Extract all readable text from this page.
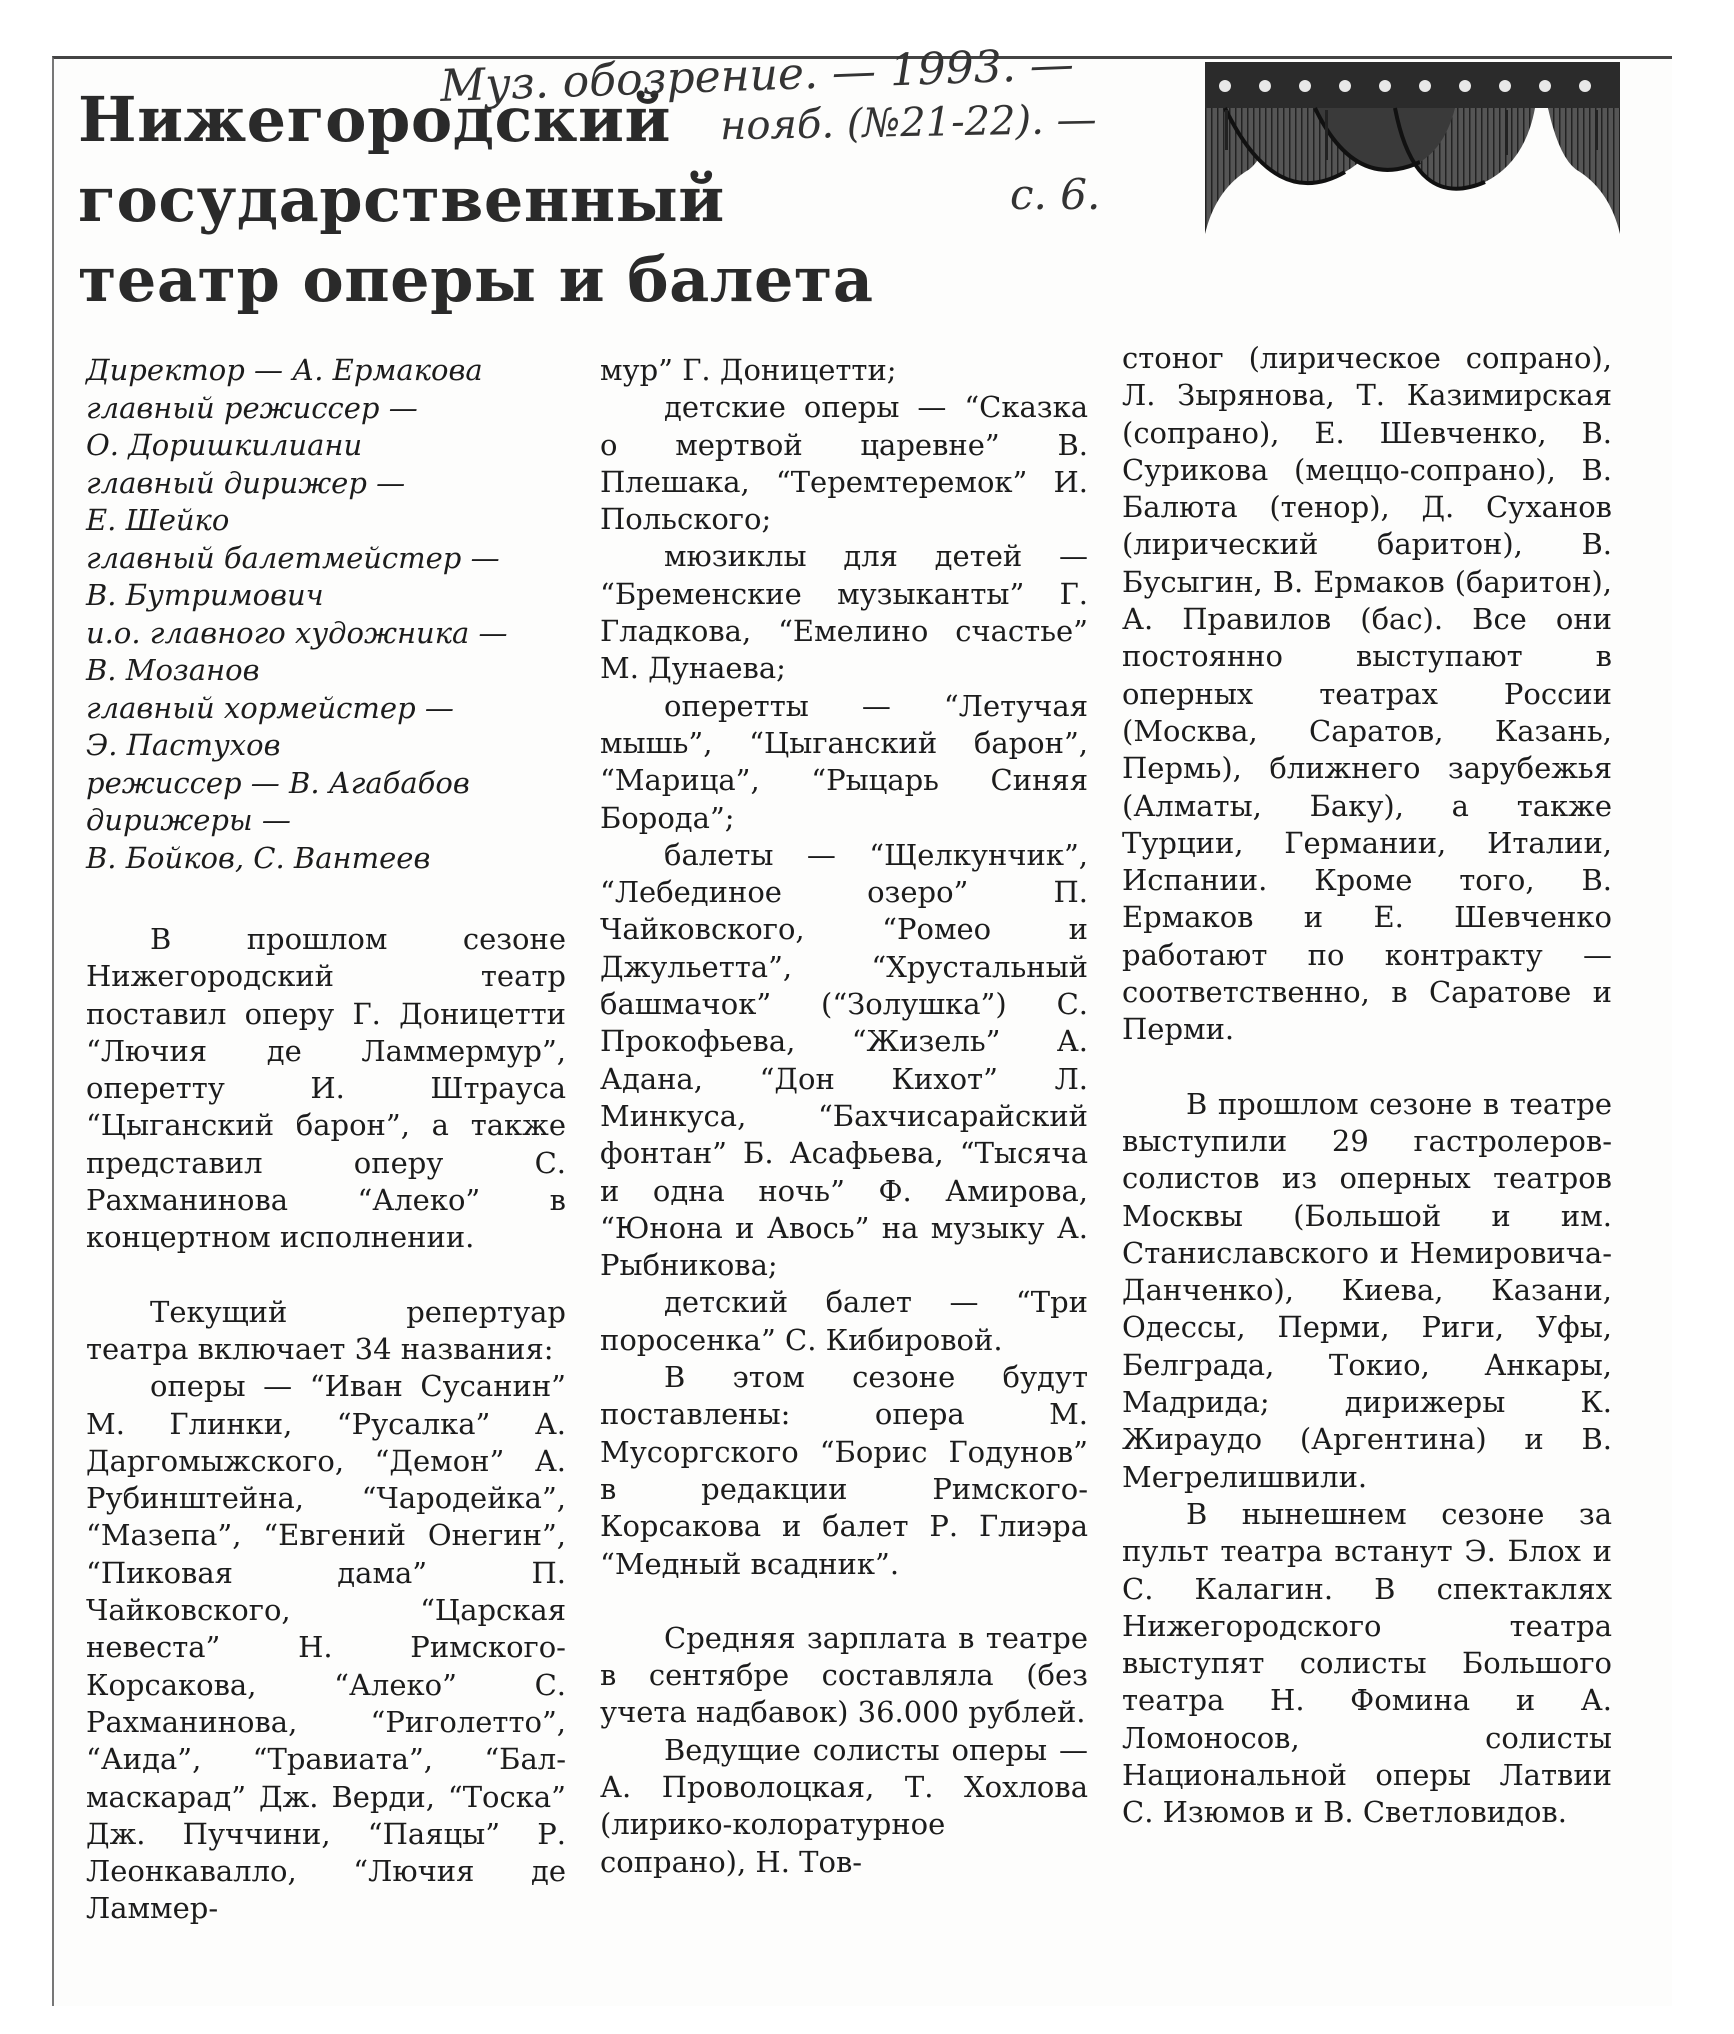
Нижегородский
государственный
театр оперы и балета
Муз. обозрение. — 1993. —
нояб. (№21-22). —
с. 6.

Директор — А. Ермакова

главный режиссер —

О. Доришкилиани

главный дирижер —

Е. Шейко

главный балетмейстер —

В. Бутримович

и.о. главного художника —

В. Мозанов

главный хормейстер —

Э. Пастухов

режиссер — В. Агабабов

дирижеры —

В. Бойков, С. Вантеев

В прошлом сезоне Нижегородский театр поставил оперу Г. Доницетти “Лючия де Ламмермур”, оперетту И. Штрауса “Цыганский барон”, а также представил оперу С. Рахманинова “Алеко” в концертном исполнении.

Текущий репертуар театра включает 34 названия:

оперы — “Иван Сусанин” М. Глинки, “Русалка” А. Даргомыжского, “Демон” А. Рубинштейна, “Чародейка”, “Мазепа”, “Евгений Онегин”, “Пиковая дама” П. Чайковского, “Царская невеста” Н. Римского-Корсакова, “Алеко” С. Рахманинова, “Риголетто”, “Аида”, “Травиата”, “Бал-маскарад” Дж. Верди, “Тоска” Дж. Пуччини, “Паяцы” Р. Леонкавалло, “Лючия де Ламмер-

мур” Г. Доницетти;

детские оперы — “Сказка о мертвой царевне” В. Плешака, “Теремтеремок” И. Польского;

мюзиклы для детей — “Бременские музыканты” Г. Гладкова, “Емелино счастье” М. Дунаева;

оперетты — “Летучая мышь”, “Цыганский барон”, “Марица”, “Рыцарь Синяя Борода”;

балеты — “Щелкунчик”, “Лебединое озеро” П. Чайковского, “Ромео и Джульетта”, “Хрустальный башмачок” (“Золушка”) С. Прокофьева, “Жизель” А. Адана, “Дон Кихот” Л. Минкуса, “Бахчисарайский фонтан” Б. Асафьева, “Тысяча и одна ночь” Ф. Амирова, “Юнона и Авось” на музыку А. Рыбникова;

детский балет — “Три поросенка” С. Кибировой.

В этом сезоне будут поставлены: опера М. Мусоргского “Борис Годунов” в редакции Римского-Корсакова и балет Р. Глиэра “Медный всадник”.

Средняя зарплата в театре в сентябре составляла (без учета надбавок) 36.000 рублей.

Ведущие солисты оперы — А. Проволоцкая, Т. Хохлова (лирико-колоратурное сопрано), Н. Тов-

стоног (лирическое сопрано), Л. Зырянова, Т. Казимирская (сопрано), Е. Шевченко, В. Сурикова (меццо-сопрано), В. Балюта (тенор), Д. Суханов (лирический баритон), В. Бусыгин, В. Ермаков (баритон), А. Правилов (бас). Все они постоянно выступают в оперных театрах России (Москва, Саратов, Казань, Пермь), ближнего зарубежья (Алматы, Баку), а также Турции, Германии, Италии, Испании. Кроме того, В. Ермаков и Е. Шевченко работают по контракту — соответственно, в Саратове и Перми.

В прошлом сезоне в театре выступили 29 гастролеров-солистов из оперных театров Москвы (Большой и им. Станиславского и Немировича-Данченко), Киева, Казани, Одессы, Перми, Риги, Уфы, Белграда, Токио, Анкары, Мадрида; дирижеры К. Жираудо (Аргентина) и В. Мегрелишвили.

В нынешнем сезоне за пульт театра встанут Э. Блох и С. Калагин. В спектаклях Нижегородского театра выступят солисты Большого театра Н. Фомина и А. Ломоносов, солисты Национальной оперы Латвии С. Изюмов и В. Светловидов.
